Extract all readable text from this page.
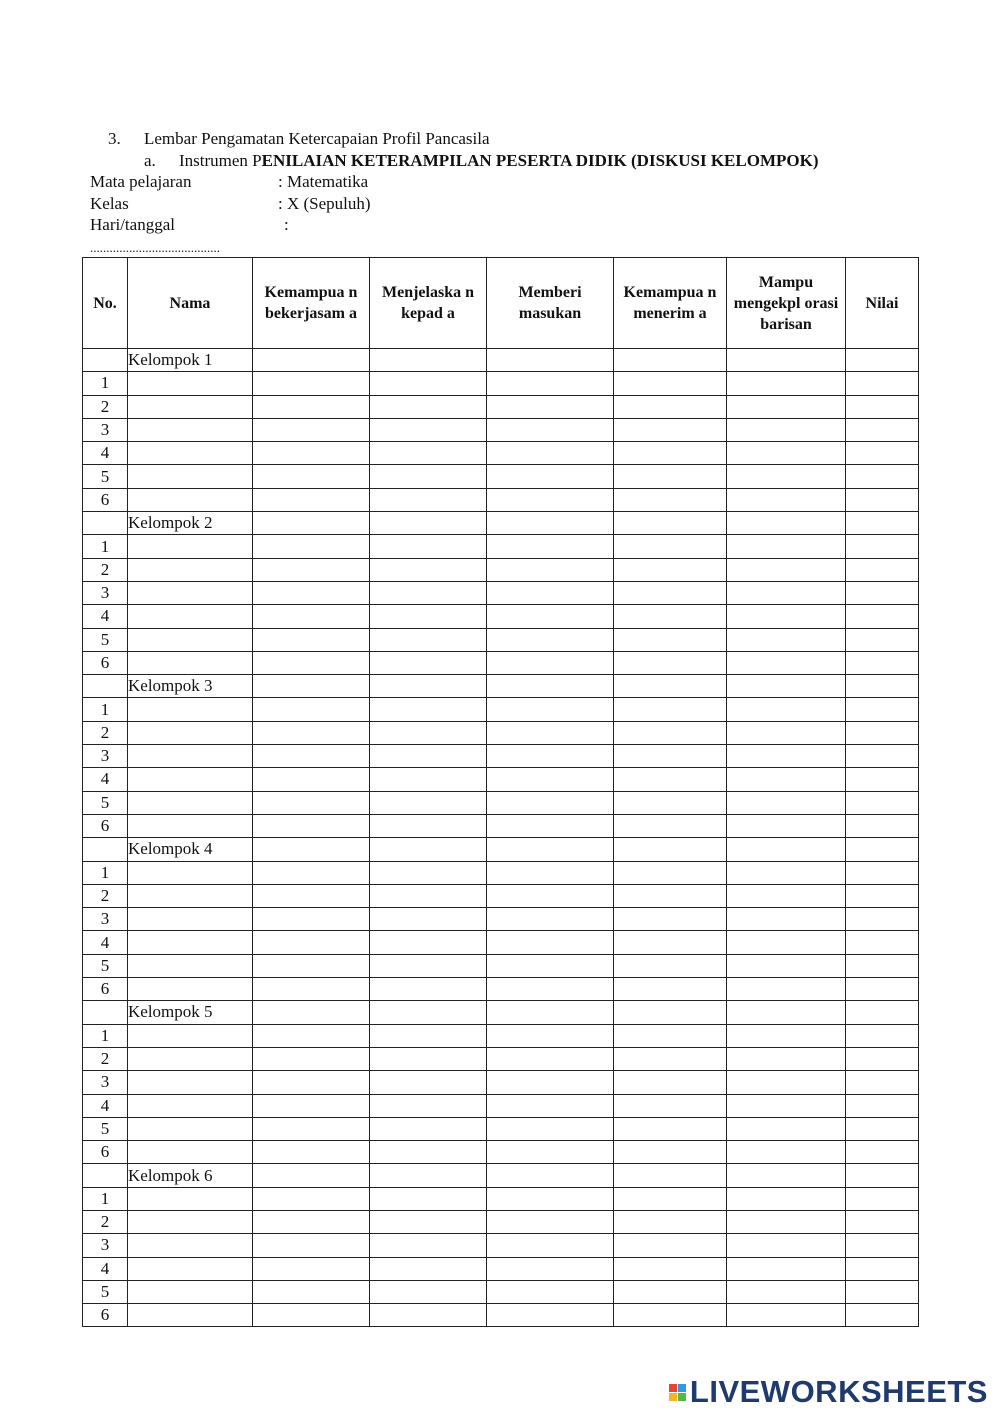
3. Lembar Pengamatan Ketercapaian Profil Pancasila
a. Instrumen PENILAIAN KETERAMPILAN PESERTA DIDIK (DISKUSI KELOMPOK)
Mata pelajaran	: Matematika
Kelas	: X (Sepuluh)
Hari/tanggal	:
........................................
No.	Nama	Kemampua n bekerjasam a	Menjelaska n kepad a	Memberi masukan	Kemampua n menerim a	Mampu mengekpl orasi barisan	Nilai
	Kelompok 1						
1							
2							
3							
4							
5							
6							
	Kelompok 2						
1							
2							
3							
4							
5							
6							
	Kelompok 3						
1							
2							
3							
4							
5							
6							
	Kelompok 4						
1							
2							
3							
4							
5							
6							
	Kelompok 5						
1							
2							
3							
4							
5							
6							
	Kelompok 6						
1							
2							
3							
4							
5							
6							
LIVEWORKSHEETS
